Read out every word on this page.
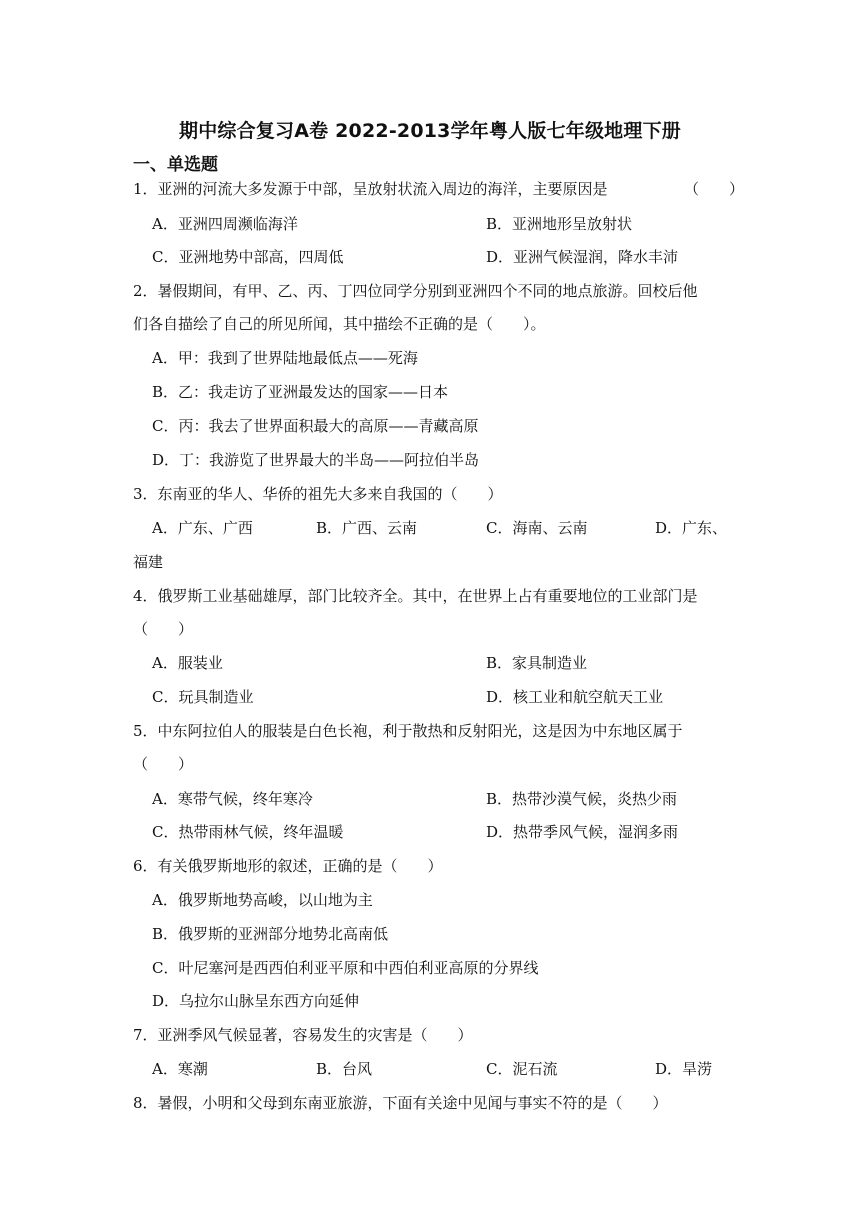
期中综合复习A卷 2022-2013学年粤人版七年级地理下册
一、单选题
1．亚洲的河流大多发源于中部，呈放射状流入周边的海洋，主要原因是	（　　）
A．亚洲四周濒临海洋	B．亚洲地形呈放射状
C．亚洲地势中部高，四周低	D．亚洲气候湿润，降水丰沛
2．暑假期间，有甲、乙、丙、丁四位同学分别到亚洲四个不同的地点旅游。回校后他
们各自描绘了自己的所见所闻，其中描绘不正确的是（　　）。
A．甲：我到了世界陆地最低点——死海
B．乙：我走访了亚洲最发达的国家——日本
C．丙：我去了世界面积最大的高原——青藏高原
D．丁：我游览了世界最大的半岛——阿拉伯半岛
3．东南亚的华人、华侨的祖先大多来自我国的（　　）
A．广东、广西	B．广西、云南	C．海南、云南	D．广东、
福建
4．俄罗斯工业基础雄厚，部门比较齐全。其中，在世界上占有重要地位的工业部门是
（　　）
A．服装业	B．家具制造业
C．玩具制造业	D．核工业和航空航天工业
5．中东阿拉伯人的服装是白色长袍，利于散热和反射阳光，这是因为中东地区属于
（　　）
A．寒带气候，终年寒冷	B．热带沙漠气候，炎热少雨
C．热带雨林气候，终年温暖	D．热带季风气候，湿润多雨
6．有关俄罗斯地形的叙述，正确的是（　　）
A．俄罗斯地势高峻，以山地为主
B．俄罗斯的亚洲部分地势北高南低
C．叶尼塞河是西西伯利亚平原和中西伯利亚高原的分界线
D．乌拉尔山脉呈东西方向延伸
7．亚洲季风气候显著，容易发生的灾害是（　　）
A．寒潮	B．台风	C．泥石流	D．旱涝
8．暑假，小明和父母到东南亚旅游，下面有关途中见闻与事实不符的是（　　）
